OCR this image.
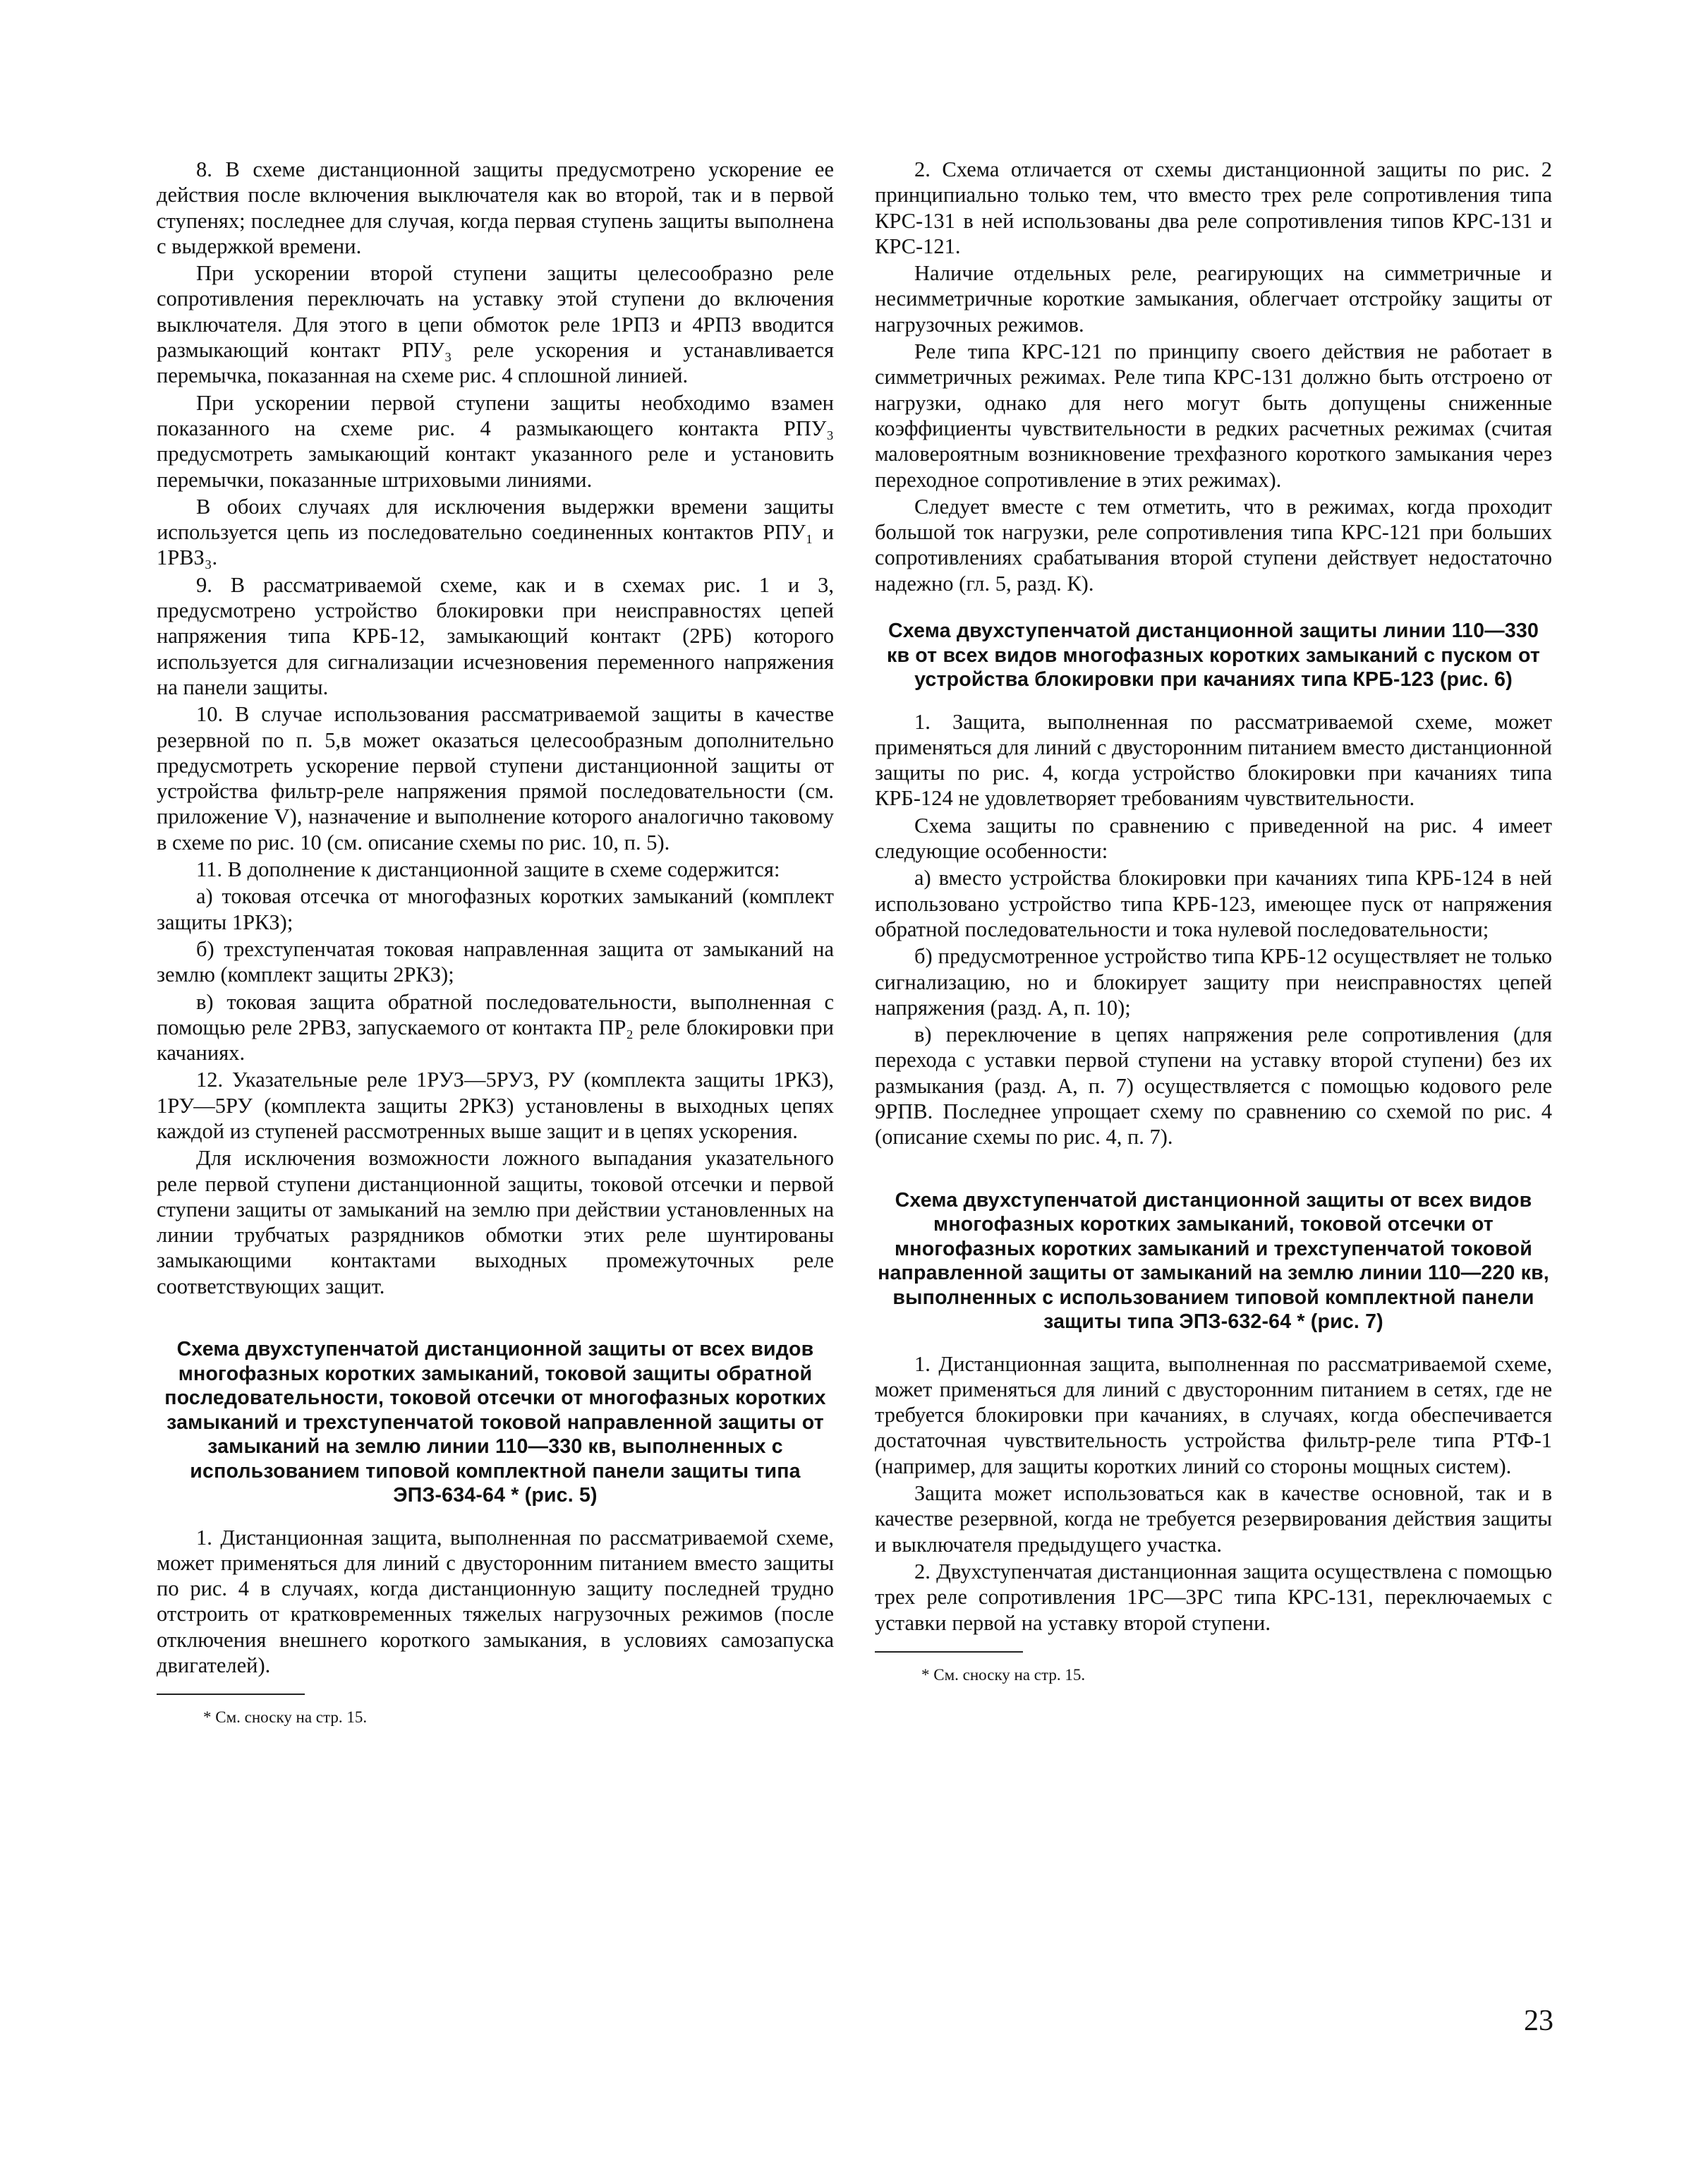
8. В схеме дистанционной защиты предусмотрено ускорение ее действия после включения выключателя как во второй, так и в первой ступенях; последнее для случая, когда первая ступень защиты выполнена с выдержкой времени.

При ускорении второй ступени защиты целесообразно реле сопротивления переключать на уставку этой ступени до включения выключателя. Для этого в цепи обмоток реле 1РПЗ и 4РПЗ вводится размыкающий контакт РПУ₃ реле ускорения и устанавливается перемычка, показанная на схеме рис. 4 сплошной линией.

При ускорении первой ступени защиты необходимо взамен показанного на схеме рис. 4 размыкающего контакта РПУ₃ предусмотреть замыкающий контакт указанного реле и установить перемычки, показанные штриховыми линиями.

В обоих случаях для исключения выдержки времени защиты используется цепь из последовательно соединенных контактов РПУ₁ и 1РВЗ₃.

9. В рассматриваемой схеме, как и в схемах рис. 1 и 3, предусмотрено устройство блокировки при неисправностях цепей напряжения типа КРБ-12, замыкающий контакт (2РБ) которого используется для сигнализации исчезновения переменного напряжения на панели защиты.

10. В случае использования рассматриваемой защиты в качестве резервной по п. 5,в может оказаться целесообразным дополнительно предусмотреть ускорение первой ступени дистанционной защиты от устройства фильтр-реле напряжения прямой последовательности (см. приложение V), назначение и выполнение которого аналогично таковому в схеме по рис. 10 (см. описание схемы по рис. 10, п. 5).

11. В дополнение к дистанционной защите в схеме содержится:

а) токовая отсечка от многофазных коротких замыканий (комплект защиты 1РКЗ);

б) трехступенчатая токовая направленная защита от замыканий на землю (комплект защиты 2РКЗ);

в) токовая защита обратной последовательности, выполненная с помощью реле 2РВЗ, запускаемого от контакта ПР₂ реле блокировки при качаниях.

12. Указательные реле 1РУЗ—5РУЗ, РУ (комплекта защиты 1РКЗ), 1РУ—5РУ (комплекта защиты 2РКЗ) установлены в выходных цепях каждой из ступеней рассмотренных выше защит и в цепях ускорения.

Для исключения возможности ложного выпадания указательного реле первой ступени дистанционной защиты, токовой отсечки и первой ступени защиты от замыканий на землю при действии установленных на линии трубчатых разрядников обмотки этих реле шунтированы замыкающими контактами выходных промежуточных реле соответствующих защит.

Схема двухступенчатой дистанционной защиты от всех видов многофазных коротких замыканий, токовой защиты обратной последовательности, токовой отсечки от многофазных коротких замыканий и трехступенчатой токовой направленной защиты от замыканий на землю линии 110—330 кв, выполненных с использованием типовой комплектной панели защиты типа ЭПЗ-634-64 * (рис. 5)

1. Дистанционная защита, выполненная по рассматриваемой схеме, может применяться для линий с двусторонним питанием вместо защиты по рис. 4 в случаях, когда дистанционную защиту последней трудно отстроить от кратковременных тяжелых нагрузочных режимов (после отключения внешнего короткого замыкания, в условиях самозапуска двигателей).

* См. сноску на стр. 15.

2. Схема отличается от схемы дистанционной защиты по рис. 2 принципиально только тем, что вместо трех реле сопротивления типа КРС-131 в ней использованы два реле сопротивления типов КРС-131 и КРС-121.

Наличие отдельных реле, реагирующих на симметричные и несимметричные короткие замыкания, облегчает отстройку защиты от нагрузочных режимов.

Реле типа КРС-121 по принципу своего действия не работает в симметричных режимах. Реле типа КРС-131 должно быть отстроено от нагрузки, однако для него могут быть допущены сниженные коэффициенты чувствительности в редких расчетных режимах (считая маловероятным возникновение трехфазного короткого замыкания через переходное сопротивление в этих режимах).

Следует вместе с тем отметить, что в режимах, когда проходит большой ток нагрузки, реле сопротивления типа КРС-121 при больших сопротивлениях срабатывания второй ступени действует недостаточно надежно (гл. 5, разд. К).

Схема двухступенчатой дистанционной защиты линии 110—330 кв от всех видов многофазных коротких замыканий с пуском от устройства блокировки при качаниях типа КРБ-123 (рис. 6)

1. Защита, выполненная по рассматриваемой схеме, может применяться для линий с двусторонним питанием вместо дистанционной защиты по рис. 4, когда устройство блокировки при качаниях типа КРБ-124 не удовлетворяет требованиям чувствительности.

Схема защиты по сравнению с приведенной на рис. 4 имеет следующие особенности:

а) вместо устройства блокировки при качаниях типа КРБ-124 в ней использовано устройство типа КРБ-123, имеющее пуск от напряжения обратной последовательности и тока нулевой последовательности;

б) предусмотренное устройство типа КРБ-12 осуществляет не только сигнализацию, но и блокирует защиту при неисправностях цепей напряжения (разд. А, п. 10);

в) переключение в цепях напряжения реле сопротивления (для перехода с уставки первой ступени на уставку второй ступени) без их размыкания (разд. А, п. 7) осуществляется с помощью кодового реле 9РПВ. Последнее упрощает схему по сравнению со схемой по рис. 4 (описание схемы по рис. 4, п. 7).

Схема двухступенчатой дистанционной защиты от всех видов многофазных коротких замыканий, токовой отсечки от многофазных коротких замыканий и трехступенчатой токовой направленной защиты от замыканий на землю линии 110—220 кв, выполненных с использованием типовой комплектной панели защиты типа ЭПЗ-632-64 * (рис. 7)

1. Дистанционная защита, выполненная по рассматриваемой схеме, может применяться для линий с двусторонним питанием в сетях, где не требуется блокировки при качаниях, в случаях, когда обеспечивается достаточная чувствительность устройства фильтр-реле типа РТФ-1 (например, для защиты коротких линий со стороны мощных систем).

Защита может использоваться как в качестве основной, так и в качестве резервной, когда не требуется резервирования действия защиты и выключателя предыдущего участка.

2. Двухступенчатая дистанционная защита осуществлена с помощью трех реле сопротивления 1РС—3РС типа КРС-131, переключаемых с уставки первой на уставку второй ступени.

* См. сноску на стр. 15.

23
